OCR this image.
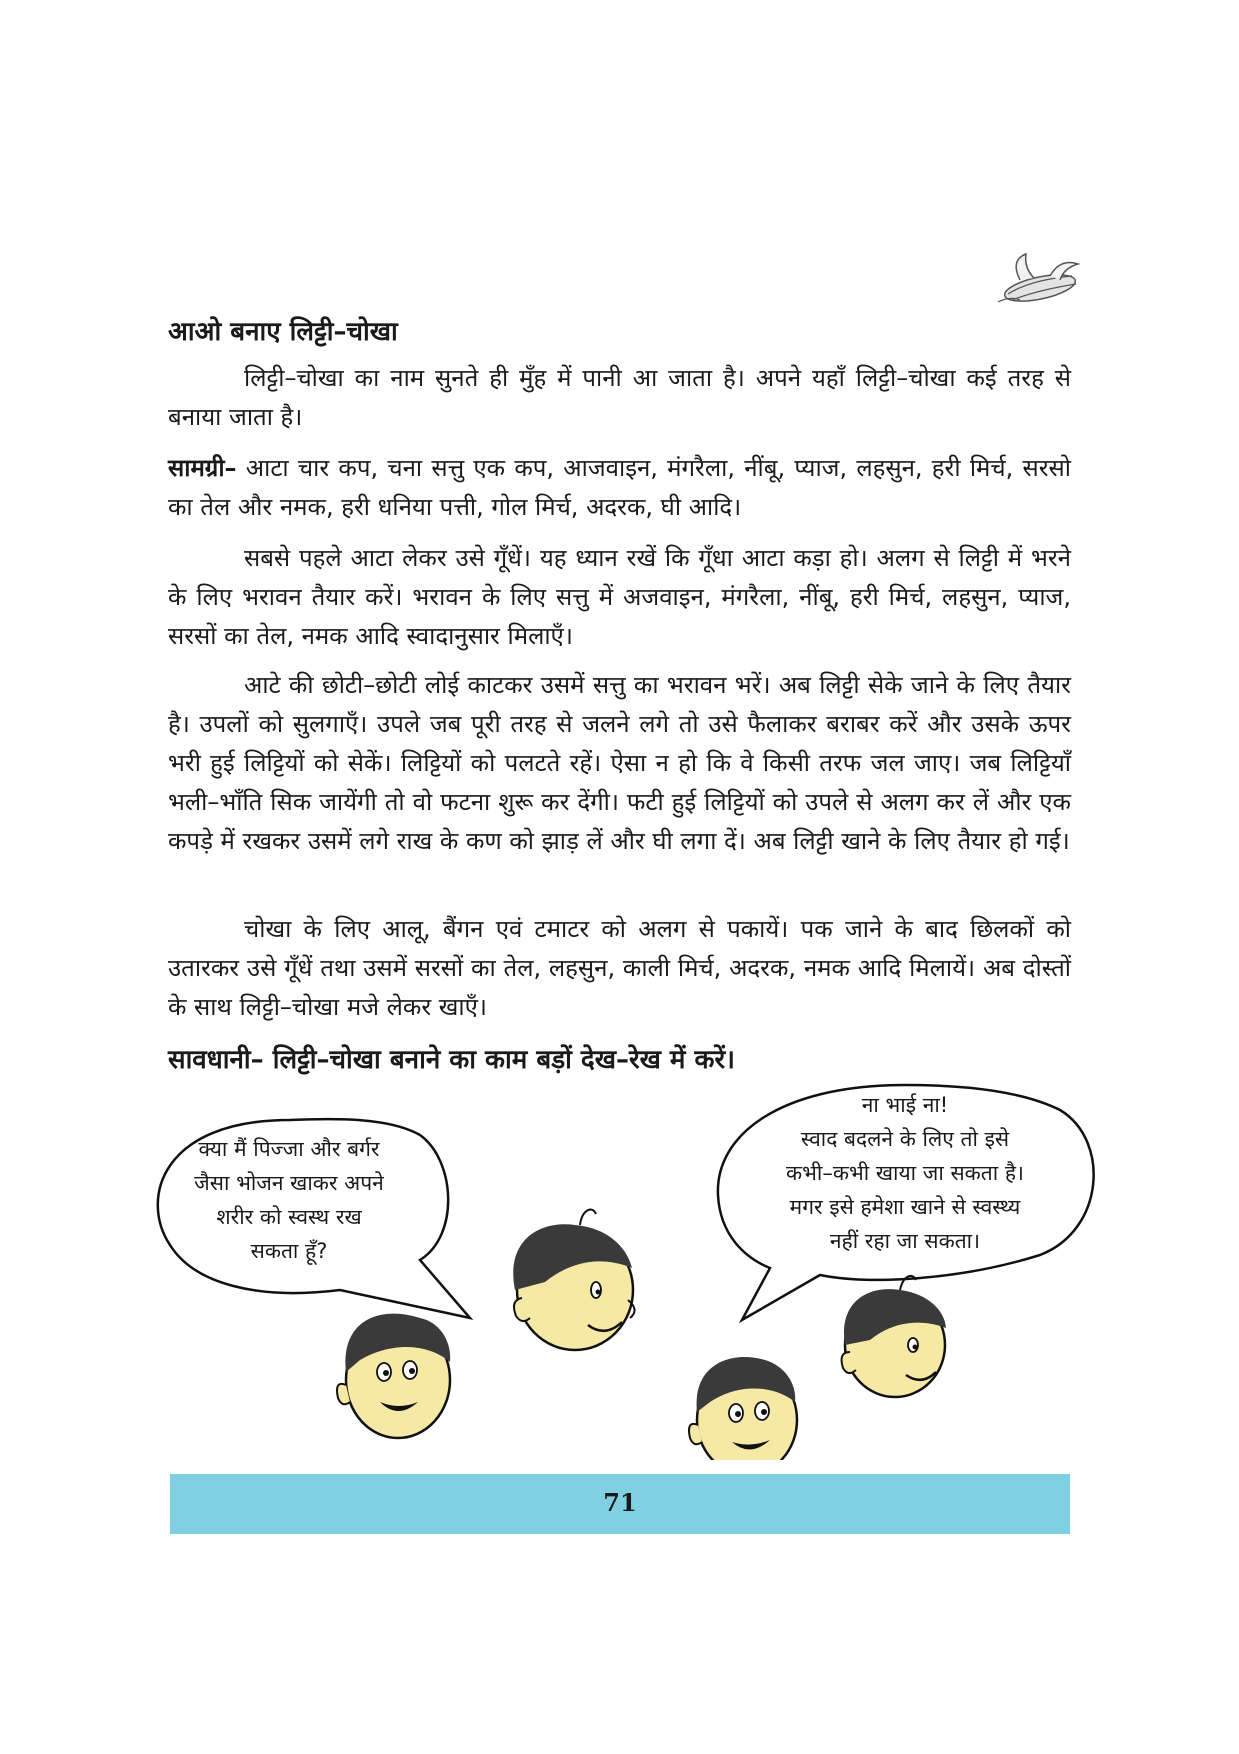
आओ बनाए लिट्टी–चोखा

लिट्टी–चोखा का नाम सुनते ही मुँह में पानी आ जाता है। अपने यहाँ लिट्टी–चोखा कई तरह से बनाया जाता है।

सामग्री– आटा चार कप, चना सत्तु एक कप, आजवाइन, मंगरैला, नींबू, प्याज, लहसुन, हरी मिर्च, सरसो का तेल और नमक, हरी धनिया पत्ती, गोल मिर्च, अदरक, घी आदि।

सबसे पहले आटा लेकर उसे गूँधें। यह ध्यान रखें कि गूँधा आटा कड़ा हो। अलग से लिट्टी में भरने के लिए भरावन तैयार करें। भरावन के लिए सत्तु में अजवाइन, मंगरैला, नींबू, हरी मिर्च, लहसुन, प्याज, सरसों का तेल, नमक आदि स्वादानुसार मिलाएँ।

आटे की छोटी–छोटी लोई काटकर उसमें सत्तु का भरावन भरें। अब लिट्टी सेके जाने के लिए तैयार है। उपलों को सुलगाएँ। उपले जब पूरी तरह से जलने लगे तो उसे फैलाकर बराबर करें और उसके ऊपर भरी हुई लिट्टियों को सेकें। लिट्टियों को पलटते रहें। ऐसा न हो कि वे किसी तरफ जल जाए। जब लिट्टियाँ भली–भाँति सिक जायेंगी तो वो फटना शुरू कर देंगी। फटी हुई लिट्टियों को उपले से अलग कर लें और एक कपड़े में रखकर उसमें लगे राख के कण को झाड़ लें और घी लगा दें। अब लिट्टी खाने के लिए तैयार हो गई।

चोखा के लिए आलू, बैंगन एवं टमाटर को अलग से पकायें। पक जाने के बाद छिलकों को उतारकर उसे गूँधें तथा उसमें सरसों का तेल, लहसुन, काली मिर्च, अदरक, नमक आदि मिलायें। अब दोस्तों के साथ लिट्टी–चोखा मजे लेकर खाएँ।

सावधानी– लिट्टी–चोखा बनाने का काम बड़ों देख–रेख में करें।

क्या मैं पिज्जा और बर्गर
जैसा भोजन खाकर अपने
शरीर को स्वस्थ रख
सकता हूँ?
ना भाई ना!
स्वाद बदलने के लिए तो इसे
कभी–कभी खाया जा सकता है।
मगर इसे हमेशा खाने से स्वस्थ्य
नहीं रहा जा सकता।
71
